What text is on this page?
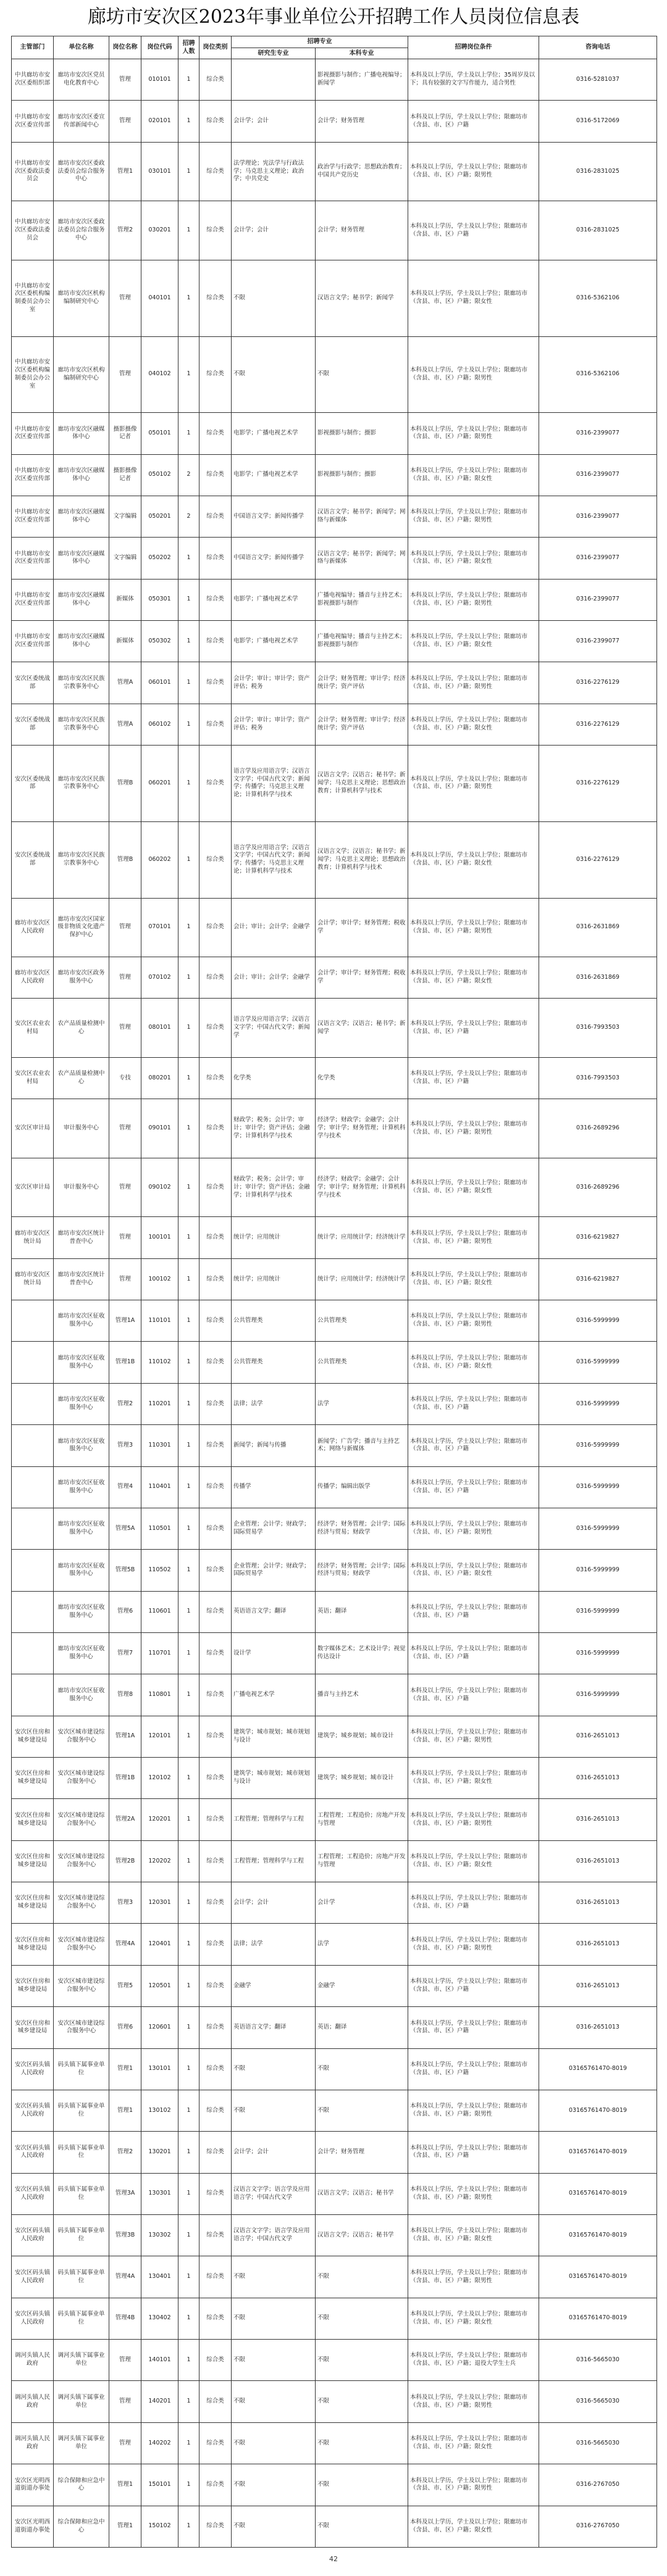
廊坊市安次区2023年事业单位公开招聘工作人员岗位信息表
主管部门	单位名称	岗位名称	岗位代码	招聘人数	岗位类别	招聘专业		招聘岗位条件	咨询电话
						研究生专业	本科专业		
中共廊坊市安次区委组织部	廊坊市安次区党员电化教育中心	管理	010101	1	综合类		影视摄影与制作；广播电视编导；新闻学	本科及以上学历，学士及以上学位；35周岁及以下；具有较强的文字写作能力，适合男性	0316-5281037
中共廊坊市安次区委宣传部	廊坊市安次区委宣传部新闻中心	管理	020101	1	综合类	会计学；会计	会计学；财务管理	本科及以上学历，学士及以上学位；限廊坊市（含县、市、区）户籍	0316-5172069
中共廊坊市安次区委政法委员会	廊坊市安次区委政法委员会综合服务中心	管理1	030101	1	综合类	法学理论；宪法学与行政法学；马克思主义理论；政治学；中共党史	政治学与行政学；思想政治教育；中国共产党历史	本科及以上学历，学士及以上学位；限廊坊市（含县、市、区）户籍；限男性	0316-2831025
中共廊坊市安次区委政法委员会	廊坊市安次区委政法委员会综合服务中心	管理2	030201	1	综合类	会计学；会计	会计学；财务管理	本科及以上学历，学士及以上学位；限廊坊市（含县、市、区）户籍	0316-2831025
中共廊坊市安次区委机构编制委员会办公室	廊坊市安次区机构编制研究中心	管理	040101	1	综合类	不限	汉语言文学；秘书学；新闻学	本科及以上学历，学士及以上学位；限廊坊市（含县、市、区）户籍；限女性	0316-5362106
中共廊坊市安次区委机构编制委员会办公室	廊坊市安次区机构编制研究中心	管理	040102	1	综合类	不限	不限	本科及以上学历，学士及以上学位；限廊坊市（含县、市、区）户籍；限男性	0316-5362106
中共廊坊市安次区委宣传部	廊坊市安次区融媒体中心	摄影摄像记者	050101	1	综合类	电影学；广播电视艺术学	影视摄影与制作；摄影	本科及以上学历，学士及以上学位；限廊坊市（含县、市、区）户籍；限男性	0316-2399077
中共廊坊市安次区委宣传部	廊坊市安次区融媒体中心	摄影摄像记者	050102	2	综合类	电影学；广播电视艺术学	影视摄影与制作；摄影	本科及以上学历，学士及以上学位；限廊坊市（含县、市、区）户籍；限女性	0316-2399077
中共廊坊市安次区委宣传部	廊坊市安次区融媒体中心	文字编辑	050201	2	综合类	中国语言文学；新闻传播学	汉语言文学；秘书学；新闻学；网络与新媒体	本科及以上学历，学士及以上学位；限廊坊市（含县、市、区）户籍；限男性	0316-2399077
中共廊坊市安次区委宣传部	廊坊市安次区融媒体中心	文字编辑	050202	1	综合类	中国语言文学；新闻传播学	汉语言文学；秘书学；新闻学；网络与新媒体	本科及以上学历，学士及以上学位；限廊坊市（含县、市、区）户籍；限女性	0316-2399077
中共廊坊市安次区委宣传部	廊坊市安次区融媒体中心	新媒体	050301	1	综合类	电影学；广播电视艺术学	广播电视编导；播音与主持艺术；影视摄影与制作	本科及以上学历，学士及以上学位；限廊坊市（含县、市、区）户籍；限男性	0316-2399077
中共廊坊市安次区委宣传部	廊坊市安次区融媒体中心	新媒体	050302	1	综合类	电影学；广播电视艺术学	广播电视编导；播音与主持艺术；影视摄影与制作	本科及以上学历，学士及以上学位；限廊坊市（含县、市、区）户籍；限女性	0316-2399077
安次区委统战部	廊坊市安次区民族宗教事务中心	管理A	060101	1	综合类	会计学；审计；审计学；资产评估；税务	会计学；财务管理；审计学；经济统计学；资产评估	本科及以上学历，学士及以上学位；限廊坊市（含县、市、区）户籍；限男性	0316-2276129
安次区委统战部	廊坊市安次区民族宗教事务中心	管理A	060102	1	综合类	会计学；审计；审计学；资产评估；税务	会计学；财务管理；审计学；经济统计学；资产评估	本科及以上学历，学士及以上学位；限廊坊市（含县、市、区）户籍；限女性	0316-2276129
安次区委统战部	廊坊市安次区民族宗教事务中心	管理B	060201	1	综合类	语言学及应用语言学；汉语言文字学；中国古代文学；新闻学；传播学；马克思主义理论；计算机科学与技术	汉语言文学；汉语言；秘书学；新闻学；马克思主义理论；思想政治教育；计算机科学与技术	本科及以上学历，学士及以上学位；限廊坊市（含县、市、区）户籍；限男性	0316-2276129
安次区委统战部	廊坊市安次区民族宗教事务中心	管理B	060202	1	综合类	语言学及应用语言学；汉语言文字学；中国古代文学；新闻学；传播学；马克思主义理论；计算机科学与技术	汉语言文学；汉语言；秘书学；新闻学；马克思主义理论；思想政治教育；计算机科学与技术	本科及以上学历，学士及以上学位；限廊坊市（含县、市、区）户籍；限女性	0316-2276129
廊坊市安次区人民政府	廊坊市安次区国家级非物质文化遗产保护中心	管理	070101	1	综合类	会计；审计；会计学；金融学	会计学；审计学；财务管理；税收学	本科及以上学历，学士及以上学位；限廊坊市（含县、市、区）户籍；限男性	0316-2631869
廊坊市安次区人民政府	廊坊市安次区政务服务中心	管理	070102	1	综合类	会计；审计；会计学；金融学	会计学；审计学；财务管理；税收学	本科及以上学历，学士及以上学位；限廊坊市（含县、市、区）户籍；限女性	0316-2631869
安次区农业农村局	农产品质量检测中心	管理	080101	1	综合类	语言学及应用语言学；汉语言文字学；中国古代文学；新闻学	汉语言文学；汉语言；秘书学；新闻学	本科及以上学历，学士及以上学位；限廊坊市（含县、市、区）户籍	0316-7993503
安次区农业农村局	农产品质量检测中心	专技	080201	1	综合类	化学类	化学类	本科及以上学历，学士及以上学位；限廊坊市（含县、市、区）户籍	0316-7993503
安次区审计局	审计服务中心	管理	090101	1	综合类	财政学；税务；会计学；审计；审计学；资产评估；金融学；计算机科学与技术	经济学；财政学；金融学；会计学；审计学；财务管理；计算机科学与技术	本科及以上学历，学士及以上学位；限廊坊市（含县、市、区）户籍；限男性	0316-2689296
安次区审计局	审计服务中心	管理	090102	1	综合类	财政学；税务；会计学；审计；审计学；资产评估；金融学；计算机科学与技术	经济学；财政学；金融学；会计学；审计学；财务管理；计算机科学与技术	本科及以上学历，学士及以上学位；限廊坊市（含县、市、区）户籍；限女性	0316-2689296
廊坊市安次区统计局	廊坊市安次区统计普查中心	管理	100101	1	综合类	统计学；应用统计	统计学；应用统计学；经济统计学	本科及以上学历，学士及以上学位；限廊坊市（含县、市、区）户籍；限男性	0316-6219827
廊坊市安次区统计局	廊坊市安次区统计普查中心	管理	100102	1	综合类	统计学；应用统计	统计学；应用统计学；经济统计学	本科及以上学历，学士及以上学位；限廊坊市（含县、市、区）户籍；限女性	0316-6219827
	廊坊市安次区征收服务中心	管理1A	110101	1	综合类	公共管理类	公共管理类	本科及以上学历，学士及以上学位；限廊坊市（含县、市、区）户籍；限男性	0316-5999999
	廊坊市安次区征收服务中心	管理1B	110102	1	综合类	公共管理类	公共管理类	本科及以上学历，学士及以上学位；限廊坊市（含县、市、区）户籍；限女性	0316-5999999
	廊坊市安次区征收服务中心	管理2	110201	1	综合类	法律；法学	法学	本科及以上学历，学士及以上学位；限廊坊市（含县、市、区）户籍	0316-5999999
	廊坊市安次区征收服务中心	管理3	110301	1	综合类	新闻学；新闻与传播	新闻学；广告学；播音与主持艺术；网络与新媒体	本科及以上学历，学士及以上学位；限廊坊市（含县、市、区）户籍	0316-5999999
	廊坊市安次区征收服务中心	管理4	110401	1	综合类	传播学	传播学；编辑出版学	本科及以上学历，学士及以上学位；限廊坊市（含县、市、区）户籍	0316-5999999
	廊坊市安次区征收服务中心	管理5A	110501	1	综合类	企业管理；会计学；财政学；国际贸易学	经济学；财务管理；会计学；国际经济与贸易；财政学	本科及以上学历，学士及以上学位；限廊坊市（含县、市、区）户籍；限男性	0316-5999999
	廊坊市安次区征收服务中心	管理5B	110502	1	综合类	企业管理；会计学；财政学；国际贸易学	经济学；财务管理；会计学；国际经济与贸易；财政学	本科及以上学历，学士及以上学位；限廊坊市（含县、市、区）户籍；限女性	0316-5999999
	廊坊市安次区征收服务中心	管理6	110601	1	综合类	英语语言文学；翻译	英语；翻译	本科及以上学历，学士及以上学位；限廊坊市（含县、市、区）户籍	0316-5999999
	廊坊市安次区征收服务中心	管理7	110701	1	综合类	设计学	数字媒体艺术；艺术设计学；视觉传达设计	本科及以上学历，学士及以上学位；限廊坊市（含县、市、区）户籍	0316-5999999
	廊坊市安次区征收服务中心	管理8	110801	1	综合类	广播电视艺术学	播音与主持艺术	本科及以上学历，学士及以上学位；限廊坊市（含县、市、区）户籍	0316-5999999
安次区住房和城乡建设局	安次区城市建设综合服务中心	管理1A	120101	1	综合类	建筑学；城市规划；城市规划与设计	建筑学；城乡规划；城市设计	本科及以上学历，学士及以上学位；限廊坊市（含县、市、区）户籍；限男性	0316-2651013
安次区住房和城乡建设局	安次区城市建设综合服务中心	管理1B	120102	1	综合类	建筑学；城市规划；城市规划与设计	建筑学；城乡规划；城市设计	本科及以上学历，学士及以上学位；限廊坊市（含县、市、区）户籍；限女性	0316-2651013
安次区住房和城乡建设局	安次区城市建设综合服务中心	管理2A	120201	1	综合类	工程管理；管理科学与工程	工程管理；工程造价；房地产开发与管理	本科及以上学历，学士及以上学位；限廊坊市（含县、市、区）户籍；限男性	0316-2651013
安次区住房和城乡建设局	安次区城市建设综合服务中心	管理2B	120202	1	综合类	工程管理；管理科学与工程	工程管理；工程造价；房地产开发与管理	本科及以上学历，学士及以上学位；限廊坊市（含县、市、区）户籍；限女性	0316-2651013
安次区住房和城乡建设局	安次区城市建设综合服务中心	管理3	120301	1	综合类	会计学；会计	会计学	本科及以上学历，学士及以上学位；限廊坊市（含县、市、区）户籍	0316-2651013
安次区住房和城乡建设局	安次区城市建设综合服务中心	管理4A	120401	1	综合类	法律；法学	法学	本科及以上学历，学士及以上学位；限廊坊市（含县、市、区）户籍；限男性	0316-2651013
安次区住房和城乡建设局	安次区城市建设综合服务中心	管理5	120501	1	综合类	金融学	金融学	本科及以上学历，学士及以上学位；限廊坊市（含县、市、区）户籍	0316-2651013
安次区住房和城乡建设局	安次区城市建设综合服务中心	管理6	120601	1	综合类	英语语言文学；翻译	英语；翻译	本科及以上学历，学士及以上学位；限廊坊市（含县、市、区）户籍	0316-2651013
安次区码头镇人民政府	码头镇下属事业单位	管理1	130101	1	综合类	不限	不限	本科及以上学历，学士及以上学位；限廊坊市（含县、市、区）户籍	03165761470-8019
安次区码头镇人民政府	码头镇下属事业单位	管理1	130102	1	综合类	不限	不限	本科及以上学历，学士及以上学位；限廊坊市（含县、市、区）户籍；限男性	03165761470-8019
安次区码头镇人民政府	码头镇下属事业单位	管理2	130201	1	综合类	会计学；会计	会计学；财务管理	本科及以上学历，学士及以上学位；限廊坊市（含县、市、区）户籍	03165761470-8019
安次区码头镇人民政府	码头镇下属事业单位	管理3A	130301	1	综合类	汉语言文字学；语言学及应用语言学；中国古代文学	汉语言文学；汉语言；秘书学	本科及以上学历，学士及以上学位；限廊坊市（含县、市、区）户籍；限男性	03165761470-8019
安次区码头镇人民政府	码头镇下属事业单位	管理3B	130302	1	综合类	汉语言文字学；语言学及应用语言学；中国古代文学	汉语言文学；汉语言；秘书学	本科及以上学历，学士及以上学位；限廊坊市（含县、市、区）户籍；限女性	03165761470-8019
安次区码头镇人民政府	码头镇下属事业单位	管理4A	130401	1	综合类	不限	不限	本科及以上学历，学士及以上学位；限廊坊市（含县、市、区）户籍；限男性	03165761470-8019
安次区码头镇人民政府	码头镇下属事业单位	管理4B	130402	1	综合类	不限	不限	本科及以上学历，学士及以上学位；限廊坊市（含县、市、区）户籍；限女性	03165761470-8019
调河头镇人民政府	调河头镇下属事业单位	管理	140101	1	综合类	不限	不限	本科及以上学历，学士及以上学位；限廊坊市（含县、市、区）户籍；退役大学生士兵	0316-5665030
调河头镇人民政府	调河头镇下属事业单位	管理	140201	1	综合类	不限	不限	本科及以上学历，学士及以上学位；限廊坊市（含县、市、区）户籍；限男性	0316-5665030
调河头镇人民政府	调河头镇下属事业单位	管理	140202	1	综合类	不限	不限	本科及以上学历，学士及以上学位；限廊坊市（含县、市、区）户籍；限女性	0316-5665030
安次区光明西道街道办事处	综合保障和应急中心	管理1	150101	1	综合类	不限	不限	本科及以上学历，学士及以上学位；限廊坊市（含县、市、区）户籍；限男性	0316-2767050
安次区光明西道街道办事处	综合保障和应急中心	管理1	150102	1	综合类	不限	不限	本科及以上学历，学士及以上学位；限廊坊市（含县、市、区）户籍；限女性	0316-2767050
42
